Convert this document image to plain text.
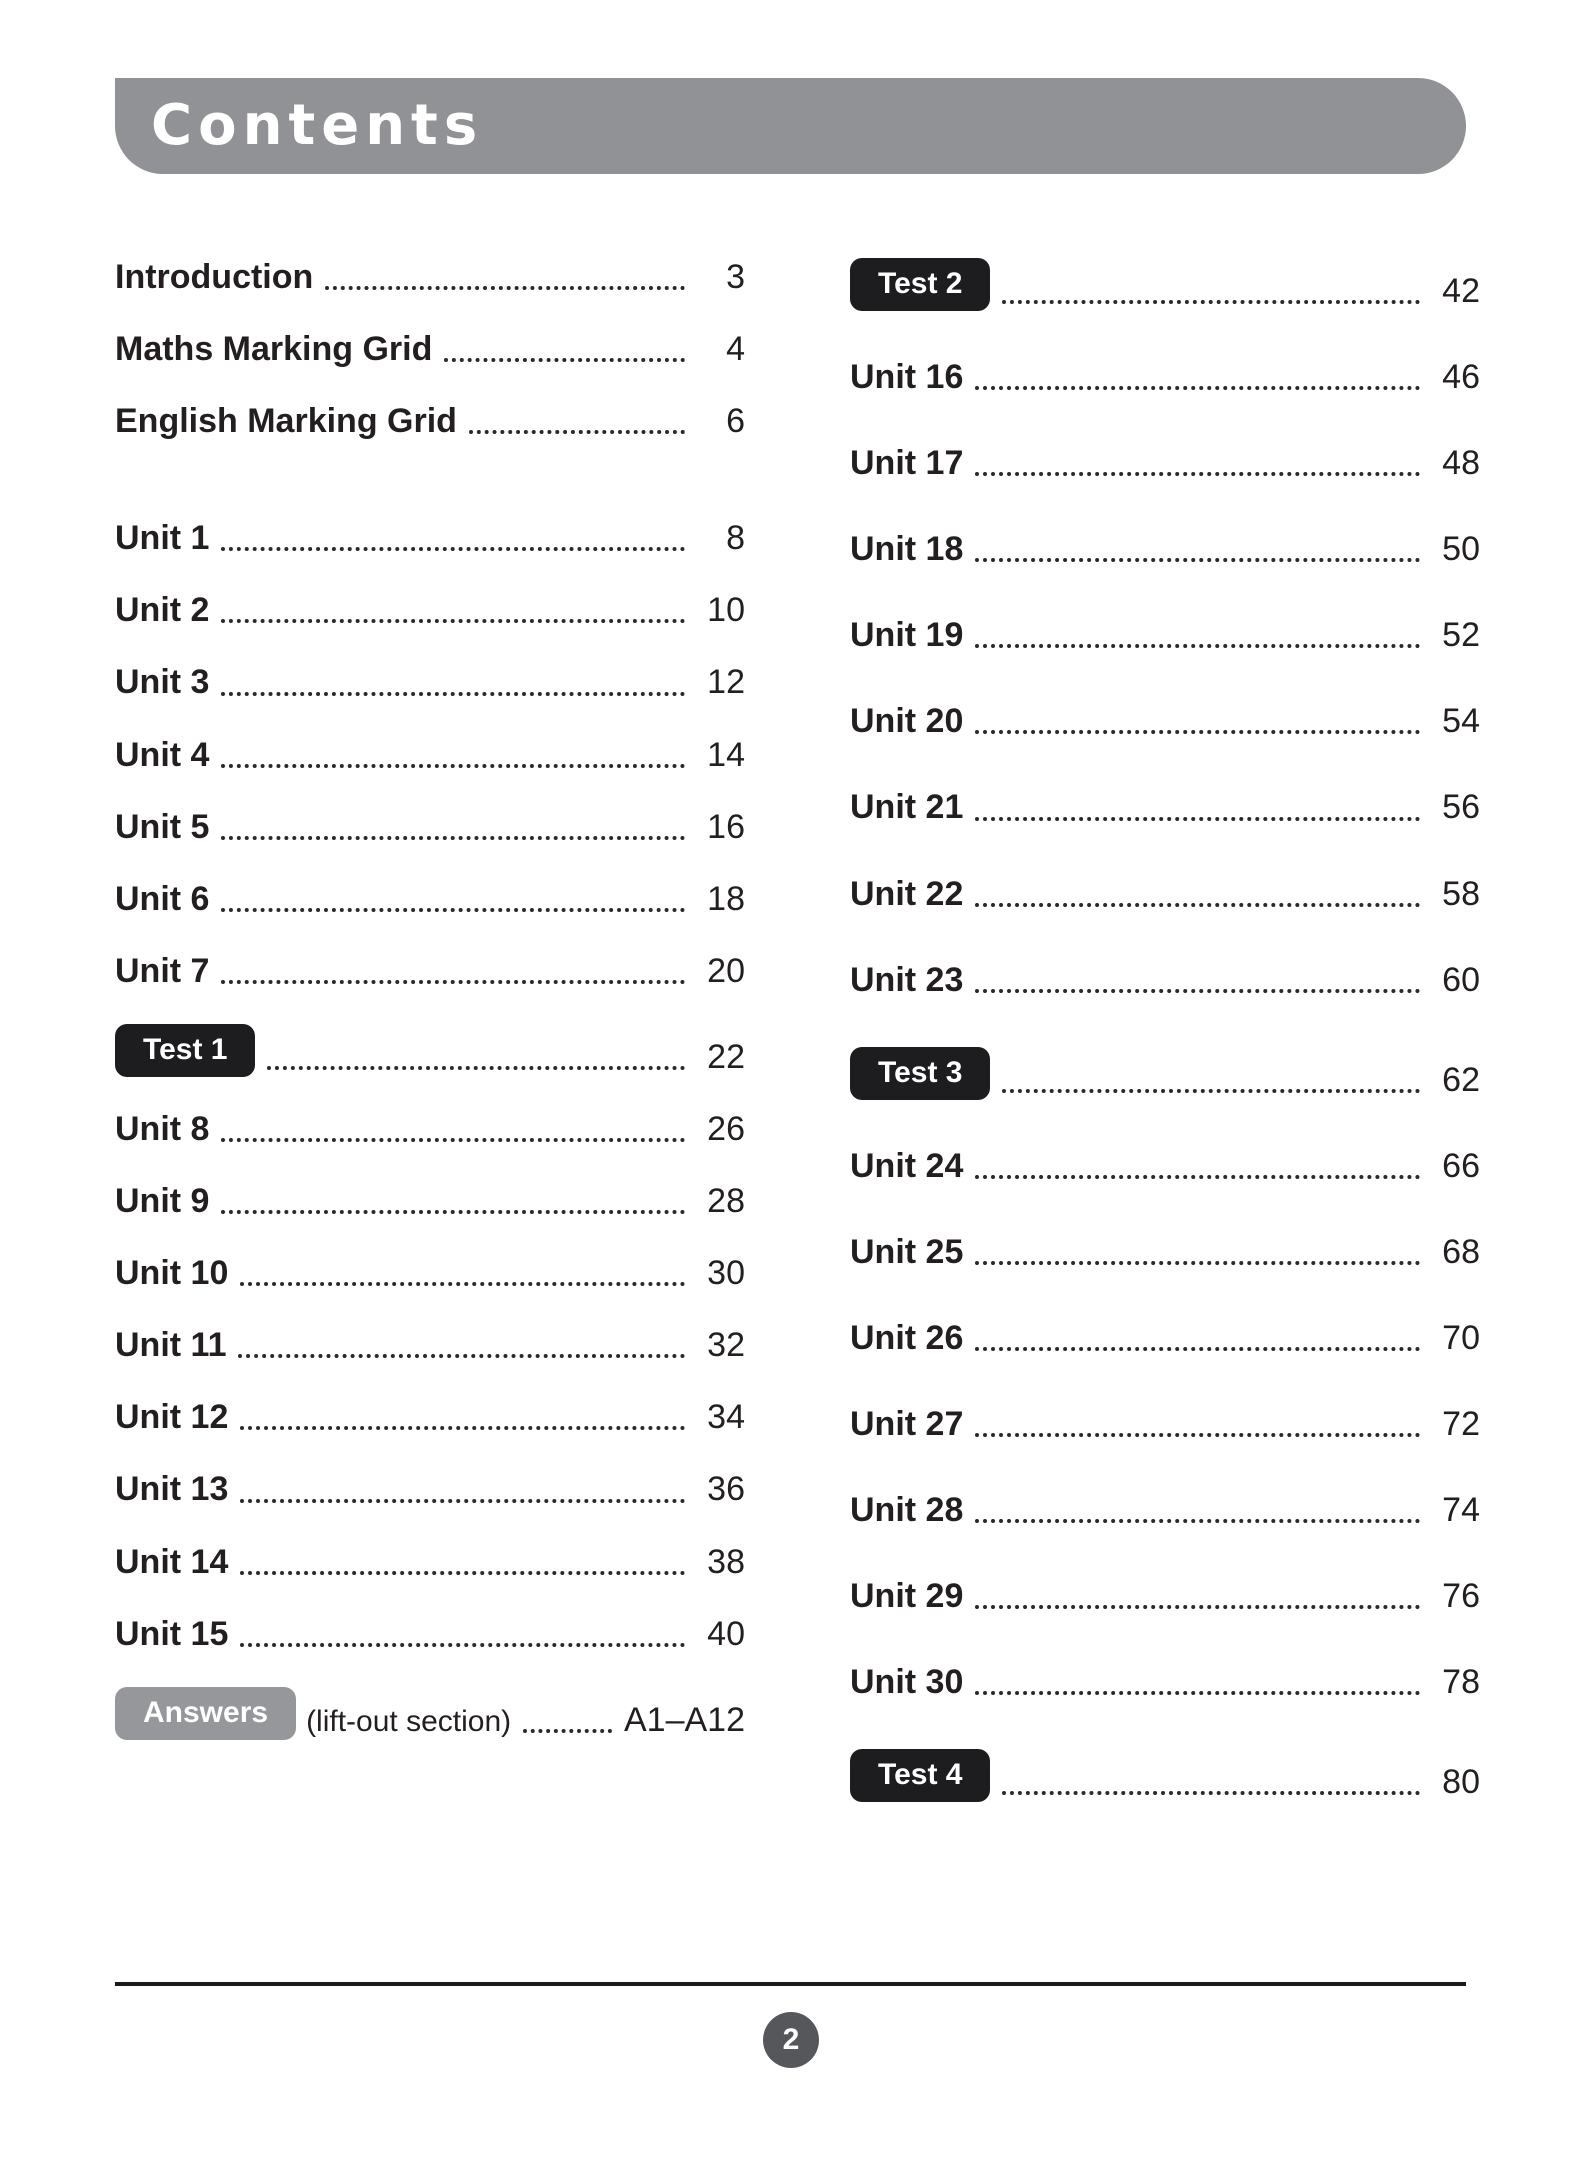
Contents
Introduction	3
Maths Marking Grid	4
English Marking Grid	6
Unit 1	8
Unit 2	10
Unit 3	12
Unit 4	14
Unit 5	16
Unit 6	18
Unit 7	20
Test 1	22
Unit 8	26
Unit 9	28
Unit 10	30
Unit 11	32
Unit 12	34
Unit 13	36
Unit 14	38
Unit 15	40
Answers	(lift-out section)	A1–A12
Test 2	42
Unit 16	46
Unit 17	48
Unit 18	50
Unit 19	52
Unit 20	54
Unit 21	56
Unit 22	58
Unit 23	60
Test 3	62
Unit 24	66
Unit 25	68
Unit 26	70
Unit 27	72
Unit 28	74
Unit 29	76
Unit 30	78
Test 4	80
2
